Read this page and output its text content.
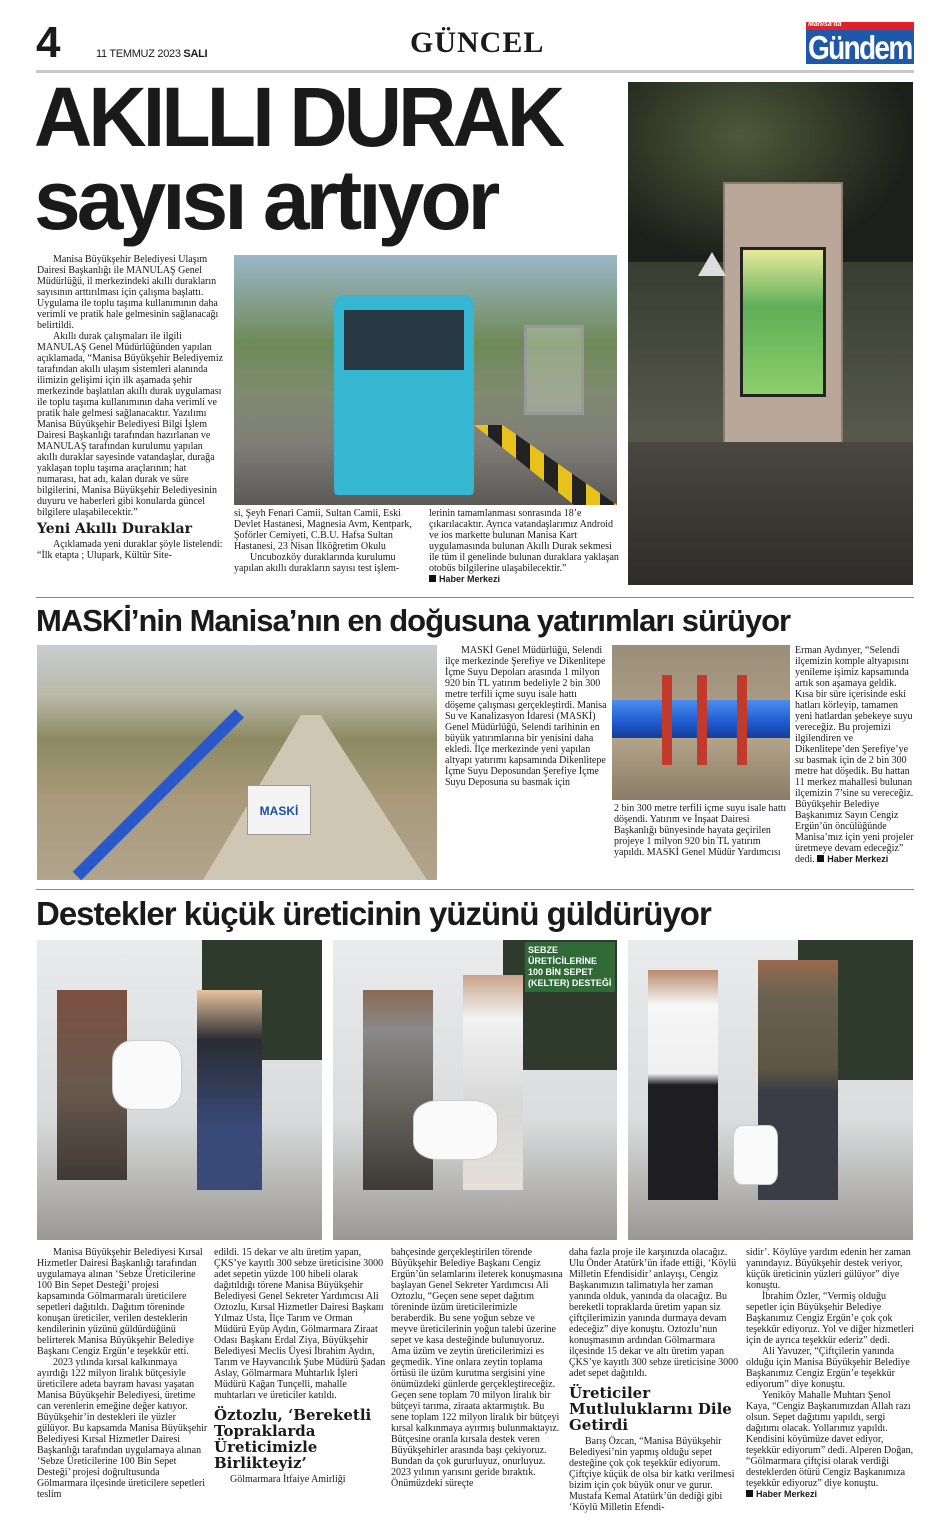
4	11 TEMMUZ 2023 SALI	GÜNCEL
Manisa'da
Gündem
AKILLI DURAK
sayısı artıyor

Manisa Büyükşehir Belediyesi Ulaşım Dairesi Başkanlığı ile MANULAŞ Genel Müdürlüğü, il merkezindeki akıllı durakların sayısının arttırılması için çalışma başlattı. Uygulama ile toplu taşıma kullanımının daha verimli ve pratik hale gelmesinin sağlanacağı belirtildi.

Akıllı durak çalışmaları ile ilgili MANULAŞ Genel Müdürlüğünden yapılan açıklamada, “Manisa Büyükşehir Belediyemiz tarafından akıllı ulaşım sistemleri alanında ilimizin gelişimi için ilk aşamada şehir merkezinde başlatılan akıllı durak uygulaması ile toplu taşıma kullanımının daha verimli ve pratik hale gelmesi sağlanacaktır. Yazılımı Manisa Büyükşehir Belediyesi Bilgi İşlem Dairesi Başkanlığı tarafından hazırlanan ve MANULAŞ tarafından kurulumu yapılan akıllı duraklar sayesinde vatandaşlar, durağa yaklaşan toplu taşıma araçlarının; hat numarası, hat adı, kalan durak ve süre bilgilerini, Manisa Büyükşehir Belediyesinin duyuru ve haberleri gibi konularda güncel bilgilere ulaşabilecektir.”

Yeni Akıllı Duraklar

Açıklamada yeni duraklar şöyle listelendi: “İlk etapta ; Ulupark, Kültür Site-

si, Şeyh Fenari Camii, Sultan Camii, Eski Devlet Hastanesi, Magnesia Avm, Kentpark, Şoförler Cemiyeti, C.B.U. Hafsa Sultan Hastanesi, 23 Nisan İlköğretim Okulu

Uncubozköy duraklarında kurulumu yapılan akıllı durakların sayısı test işlem-

lerinin tamamlanması sonrasında 18’e çıkarılacaktır. Ayrıca vatandaşlarımız Android ve ios markette bulunan Manisa Kart uygulamasında bulunan Akıllı Durak sekmesi ile tüm il genelinde bulunan duraklara yaklaşan otobüs bilgilerine ulaşabilecektir.” Haber Merkezi

MASKİ’nin Manisa’nın en doğusuna yatırımları sürüyor
MASKİ

MASKİ Genel Müdürlüğü, Selendi ilçe merkezinde Şerefiye ve Dikenlitepe İçme Suyu Depoları arasında 1 milyon 920 bin TL yatırım bedeliyle 2 bin 300 metre terfili içme suyu isale hattı döşeme çalışması gerçekleştirdi. Manisa Su ve Kanalizasyon İdaresi (MASKİ) Genel Müdürlüğü, Selendi tarihinin en büyük yatırımlarına bir yenisini daha ekledi. İlçe merkezinde yeni yapılan altyapı yatırımı kapsamında Dikenlitepe İçme Suyu Deposundan Şerefiye İçme Suyu Deposuna su basmak için

2 bin 300 metre terfili içme suyu isale hattı döşendi. Yatırım ve İnşaat Dairesi Başkanlığı bünyesinde hayata geçirilen projeye 1 milyon 920 bin TL yatırım yapıldı. MASKİ Genel Müdür Yardımcısı

Erman Aydınyer, “Selendi ilçemizin komple altyapısını yenileme işimiz kapsamında artık son aşamaya geldik. Kısa bir süre içerisinde eski hatları körleyip, tamamen yeni hatlardan şebekeye suyu vereceğiz. Bu projemizi ilgilendiren ve Dikenlitepe’den Şerefiye’ye su basmak için de 2 bin 300 metre hat döşedik. Bu hattan 11 merkez mahallesi bulunan ilçemizin 7’sine su vereceğiz. Büyükşehir Belediye Başkanımız Sayın Cengiz Ergün’ün öncülüğünde Manisa’mız için yeni projeler üretmeye devam edeceğiz” dedi. Haber Merkezi

Destekler küçük üreticinin yüzünü güldürüyor
SEBZE ÜRETİCİLERİNE 100 BİN SEPET (KELTER) DESTEĞİ

Manisa Büyükşehir Belediyesi Kırsal Hizmetler Dairesi Başkanlığı tarafından uygulamaya alınan ‘Sebze Üreticilerine 100 Bin Sepet Desteği’ projesi kapsamında Gölmarmaralı üreticilere sepetleri dağıtıldı. Dağıtım töreninde konuşan üreticiler, verilen desteklerin kendilerinin yüzünü güldürdüğünü belirterek Manisa Büyükşehir Belediye Başkanı Cengiz Ergün’e teşekkür etti.

2023 yılında kırsal kalkınmaya ayırdığı 122 milyon liralık bütçesiyle üreticilere adeta bayram havası yaşatan Manisa Büyükşehir Belediyesi, üretime can verenlerin emeğine değer katıyor. Büyükşehir’in destekleri ile yüzler gülüyor. Bu kapsamda Manisa Büyükşehir Belediyesi Kırsal Hizmetler Dairesi Başkanlığı tarafından uygulamaya alınan ‘Sebze Üreticilerine 100 Bin Sepet Desteği’ projesi doğrultusunda Gölmarmara ilçesinde üreticilere sepetleri teslim

edildi. 15 dekar ve altı üretim yapan, ÇKS’ye kayıtlı 300 sebze üreticisine 3000 adet sepetin yüzde 100 hibeli olarak dağıtıldığı törene Manisa Büyükşehir Belediyesi Genel Sekreter Yardımcısı Ali Oztozlu, Kırsal Hizmetler Dairesi Başkanı Yılmaz Usta, İlçe Tarım ve Orman Müdürü Eyüp Aydın, Gölmarmara Ziraat Odası Başkanı Erdal Ziya, Büyükşehir Belediyesi Meclis Üyesi İbrahim Aydın, Tarım ve Hayvancılık Şube Müdürü Şadan Aslay, Gölmarmara Muhtarlık İşleri Müdürü Kağan Tunçelli, mahalle muhtarları ve üreticiler katıldı.

Öztozlu, ‘Bereketli Topraklarda Üreticimizle Birlikteyiz’

Gölmarmara İtfaiye Amirliği

bahçesinde gerçekleştirilen törende Büyükşehir Belediye Başkanı Cengiz Ergün’ün selamlarını ileterek konuşmasına başlayan Genel Sekreter Yardımcısı Ali Oztozlu, “Geçen sene sepet dağıtım töreninde üzüm üreticilerimizle beraberdik. Bu sene yoğun sebze ve meyve üreticilerinin yoğun talebi üzerine sepet ve kasa desteğinde bulunuyoruz. Ama üzüm ve zeytin üreticilerimizi es geçmedik. Yine onlara zeytin toplama örtüsü ile üzüm kurutma sergisini yine önümüzdeki günlerde gerçekleştireceğiz. Geçen sene toplam 70 milyon liralık bir bütçeyi tarıma, ziraata aktarmıştık. Bu sene toplam 122 milyon liralık bir bütçeyi kırsal kalkınmaya ayırmış bulunmaktayız. Bütçesine oranla kırsala destek veren Büyükşehirler arasında başı çekiyoruz. Bundan da çok gururluyuz, onurluyuz. 2023 yılının yarısını geride bıraktık. Önümüzdeki süreçte

daha fazla proje ile karşınızda olacağız. Ulu Önder Atatürk’ün ifade ettiği, ‘Köylü Milletin Efendisidir’ anlayışı, Cengiz Başkanımızın talimatıyla her zaman yanında olduk, yanında da olacağız. Bu bereketli topraklarda üretim yapan siz çiftçilerimizin yanında durmaya devam edeceğiz” diye konuştu. Oztozlu’nun konuşmasının ardından Gölmarmara ilçesinde 15 dekar ve altı üretim yapan ÇKS’ye kayıtlı 300 sebze üreticisine 3000 adet sepet dağıtıldı.

Üreticiler Mutluluklarını Dile Getirdi

Barış Özcan, “Manisa Büyükşehir Belediyesi’nin yapmış olduğu sepet desteğine çok çok teşekkür ediyorum. Çiftçiye küçük de olsa bir katkı verilmesi bizim için çok büyük onur ve gurur. Mustafa Kemal Atatürk’ün dediği gibi ‘Köylü Milletin Efendi-

sidir’. Köylüye yardım edenin her zaman yanındayız. Büyükşehir destek veriyor, küçük üreticinin yüzleri gülüyor” diye konuştu.

İbrahim Özler, “Vermiş olduğu sepetler için Büyükşehir Belediye Başkanımız Cengiz Ergün’e çok çok teşekkür ediyoruz. Yol ve diğer hizmetleri için de ayrıca teşekkür ederiz” dedi.

Ali Yavuzer, “Çiftçilerin yanında olduğu için Manisa Büyükşehir Belediye Başkanımız Cengiz Ergün’e teşekkür ediyorum” diye konuştu.

Yeniköy Mahalle Muhtarı Şenol Kaya, “Cengiz Başkanımızdan Allah razı olsun. Sepet dağıtımı yapıldı, sergi dağıtımı olacak. Yollarımız yapıldı. Kendisini köyümüze davet ediyor, teşekkür ediyorum” dedi. Alperen Doğan, “Gölmarmara çiftçisi olarak verdiği desteklerden ötürü Cengiz Başkanımıza teşekkür ediyoruz” diye konuştu. Haber Merkezi
